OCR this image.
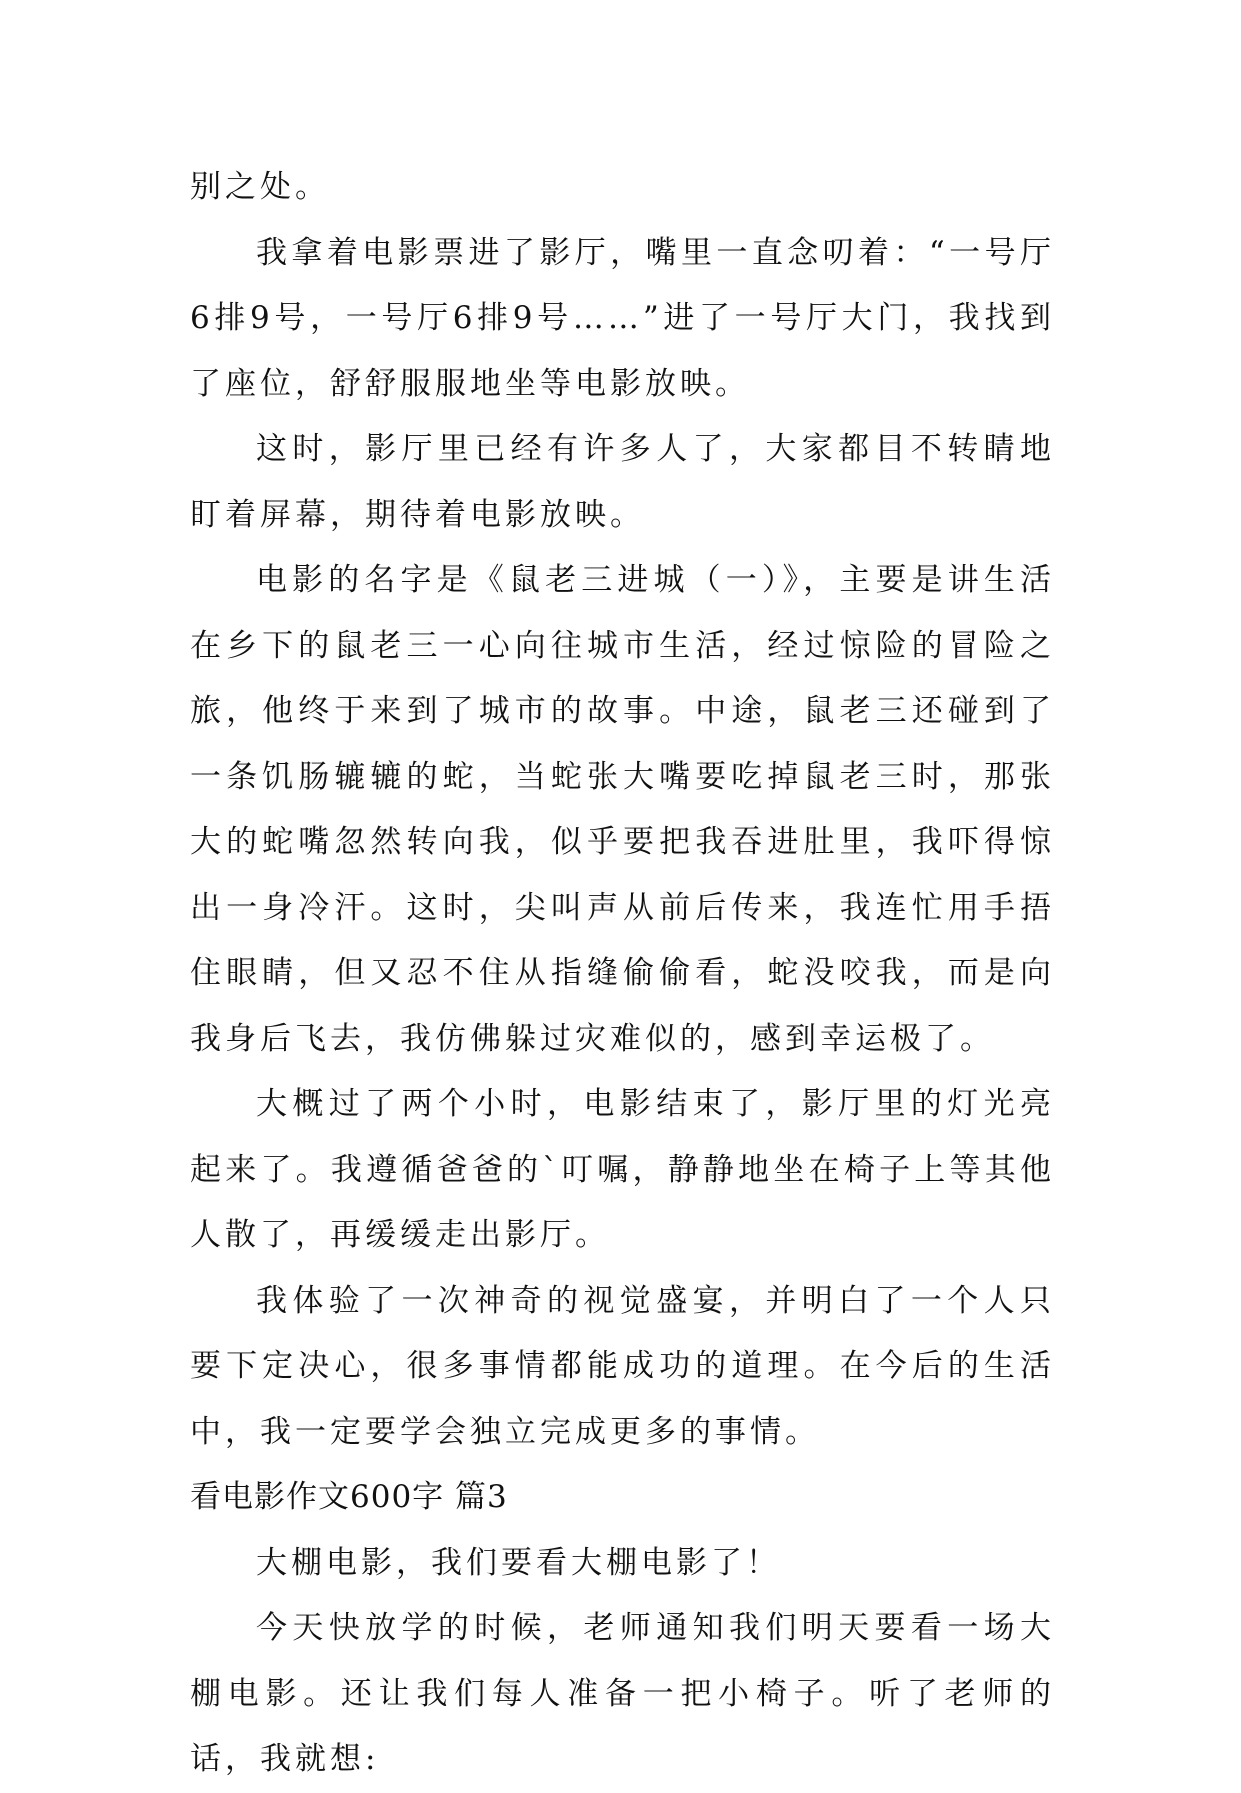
别之处。

我拿着电影票进了影厅，嘴里一直念叨着：“一号厅6排9号，一号厅6排9号……”进了一号厅大门，我找到了座位，舒舒服服地坐等电影放映。

这时，影厅里已经有许多人了，大家都目不转睛地盯着屏幕，期待着电影放映。

电影的名字是《鼠老三进城（一）》，主要是讲生活在乡下的鼠老三一心向往城市生活，经过惊险的冒险之旅，他终于来到了城市的故事。中途，鼠老三还碰到了一条饥肠辘辘的蛇，当蛇张大嘴要吃掉鼠老三时，那张大的蛇嘴忽然转向我，似乎要把我吞进肚里，我吓得惊出一身冷汗。这时，尖叫声从前后传来，我连忙用手捂住眼睛，但又忍不住从指缝偷偷看，蛇没咬我，而是向我身后飞去，我仿佛躲过灾难似的，感到幸运极了。

大概过了两个小时，电影结束了，影厅里的灯光亮起来了。我遵循爸爸的`叮嘱，静静地坐在椅子上等其他人散了，再缓缓走出影厅。

我体验了一次神奇的视觉盛宴，并明白了一个人只要下定决心，很多事情都能成功的道理。在今后的生活中，我一定要学会独立完成更多的事情。

看电影作文600字 篇3

大棚电影，我们要看大棚电影了！

今天快放学的时候，老师通知我们明天要看一场大棚电影。还让我们每人准备一把小椅子。听了老师的话，我就想:
